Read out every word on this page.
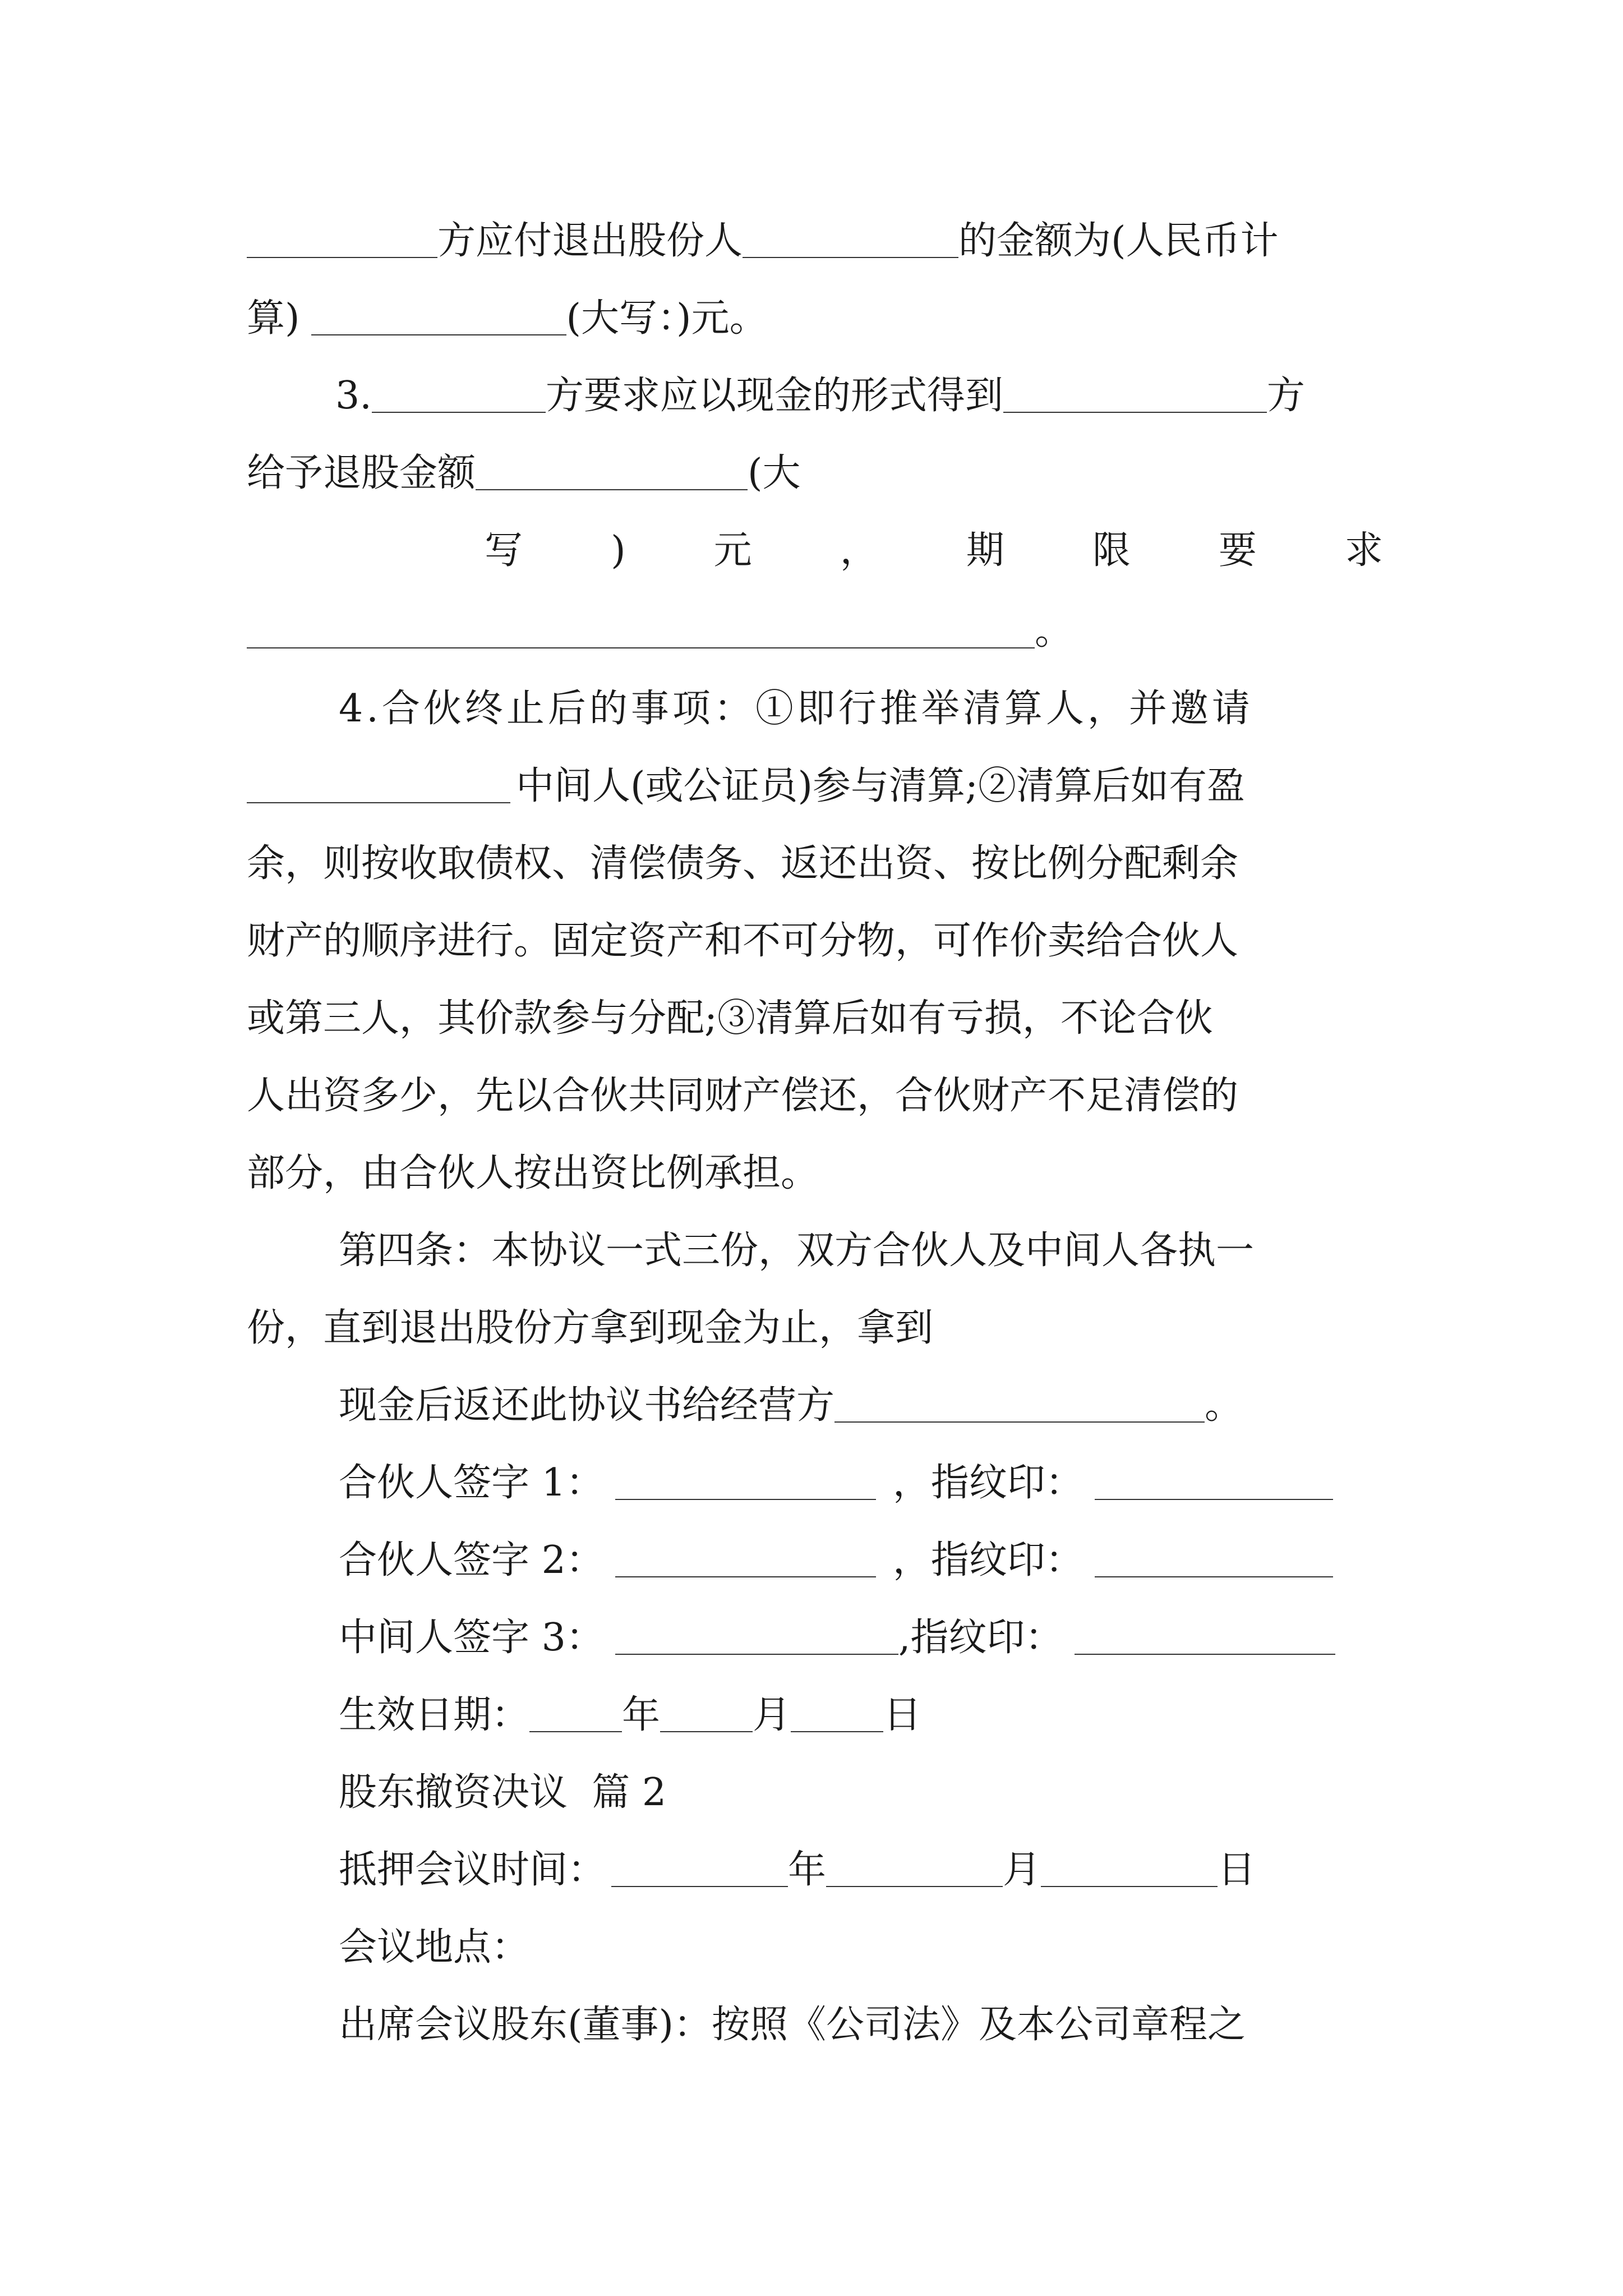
方应付退出股份人	的金额为(人民币计
算)	(大写：)元。
3.	方要求应以现金的形式得到	方
给予退股金额	(大
写 ) 元 ， 期 限 要 求
。
4.合伙终止后的事项：①即行推举清算人，并邀请
中间人(或公证员)参与清算;②清算后如有盈
余，则按收取债权、清偿债务、返还出资、按比例分配剩余
财产的顺序进行。固定资产和不可分物，可作价卖给合伙人
或第三人，其价款参与分配;③清算后如有亏损，不论合伙
人出资多少，先以合伙共同财产偿还，合伙财产不足清偿的
部分，由合伙人按出资比例承担。
第四条：本协议一式三份，双方合伙人及中间人各执一
份，直到退出股份方拿到现金为止，拿到
现金后返还此协议书给经营方	。
合伙人签字 1：	，指纹印：
合伙人签字 2：	，指纹印：
中间人签字 3：	,指纹印：
生效日期： 年 月 日
股东撤资决议  篇 2
抵押会议时间：	年	月	日
会议地点：
出席会议股东(董事)：按照《公司法》及本公司章程之
